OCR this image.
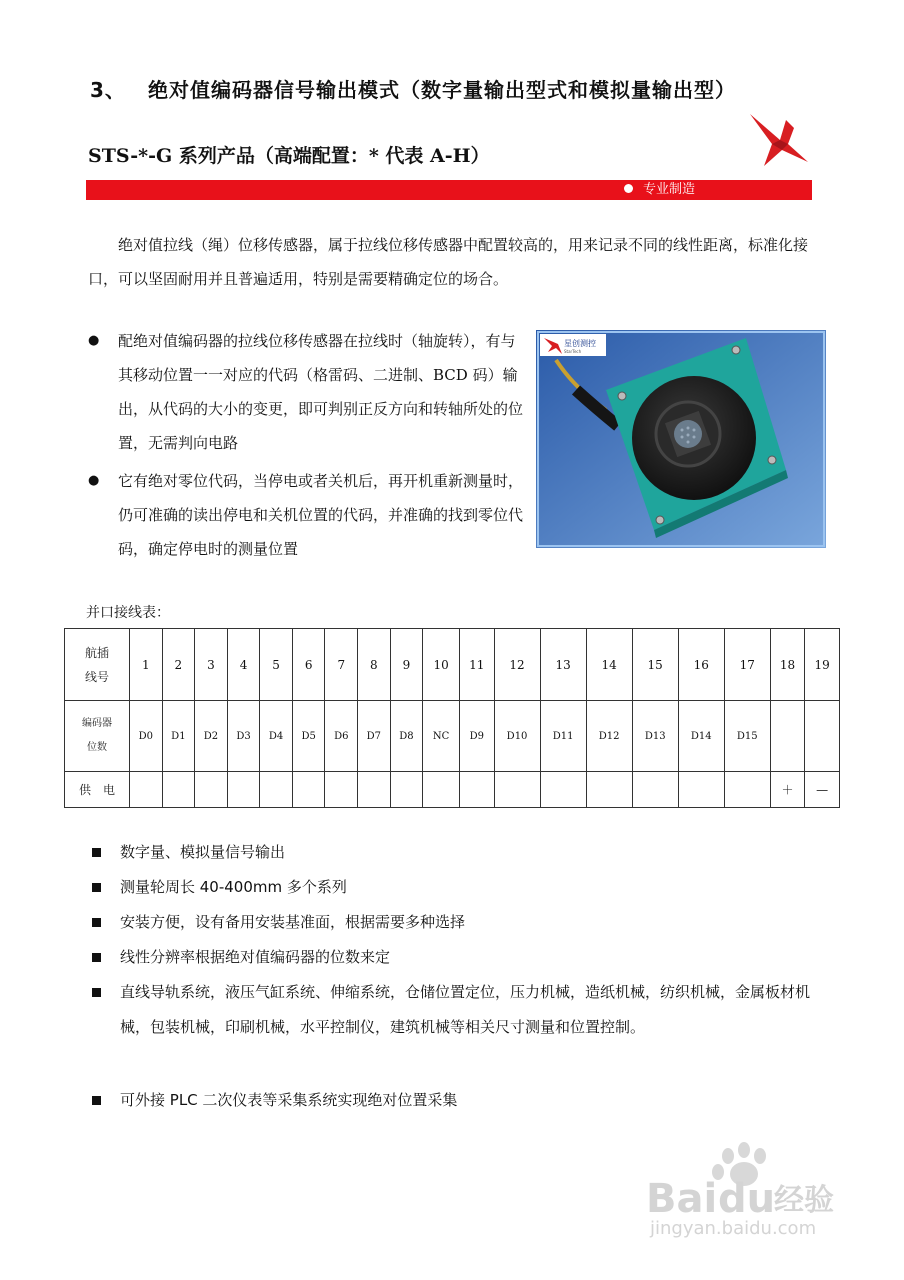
3、 绝对值编码器信号输出模式（数字量输出型式和模拟量输出型）
STS-*-G 系列产品（高端配置：* 代表 A-H）
专业制造
绝对值拉线（绳）位移传感器，属于拉线位移传感器中配置较高的，用来记录不同的线性距离，标准化接口，可以坚固耐用并且普遍适用，特别是需要精确定位的场合。
●	配绝对值编码器的拉线位移传感器在拉线时（轴旋转），有与其移动位置一一对应的代码（格雷码、二进制、BCD 码）输出，从代码的大小的变更，即可判别正反方向和转轴所处的位置，无需判向电路
●	它有绝对零位代码，当停电或者关机后，再开机重新测量时，仍可准确的读出停电和关机位置的代码，并准确的找到零位代码，确定停电时的测量位置
星创测控
StarTech
并口接线表：
航插
线号	1	2	3	4	5	6	7	8	9	10	11	12	13	14	15	16	17	18	19

编码器
位数	D0	D1	D2	D3	D4	D5	D6	D7	D8	NC	D9	D10	D11	D12	D13	D14	D15		
供　电																		＋	—
数字量、模拟量信号输出
测量轮周长 40-400mm 多个系列
安装方便，设有备用安装基准面，根据需要多种选择
线性分辨率根据绝对值编码器的位数来定
直线导轨系统，液压气缸系统、伸缩系统，仓储位置定位，压力机械，造纸机械，纺织机械，金属板材机械，包装机械，印刷机械，水平控制仪，建筑机械等相关尺寸测量和位置控制。
可外接 PLC 二次仪表等采集系统实现绝对位置采集
Bai du
经验
jingyan.baidu.com
